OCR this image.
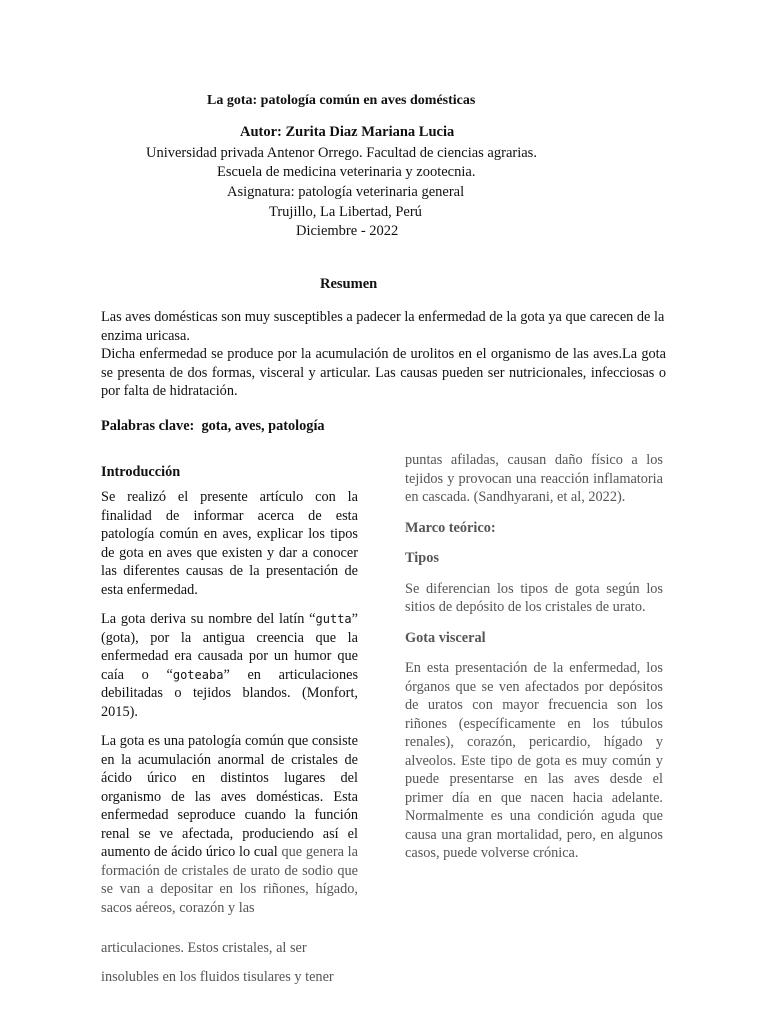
La gota: patología común en aves domésticas

Autor: Zurita Diaz Mariana Lucia

Universidad privada Antenor Orrego. Facultad de ciencias agrarias.

Escuela de medicina veterinaria y zootecnia.

Asignatura: patología veterinaria general

Trujillo, La Libertad, Perú

Diciembre - 2022

Resumen

Las aves domésticas son muy susceptibles a padecer la enfermedad de la gota ya que carecen de la enzima uricasa.

Dicha enfermedad se produce por la acumulación de urolitos en el organismo de las aves.La gota se presenta de dos formas, visceral y articular. Las causas pueden ser nutricionales, infecciosas o por falta de hidratación.

Palabras clave: gota, aves, patología

Introducción

Se realizó el presente artículo con la finalidad de informar acerca de esta patología común en aves, explicar los tipos de gota en aves que existen y dar a conocer las diferentes causas de la presentación de esta enfermedad.

La gota deriva su nombre del latín “gutta” (gota), por la antigua creencia que la enfermedad era causada por un humor que caía o “goteaba” en articulaciones debilitadas o tejidos blandos. (Monfort, 2015).

La gota es una patología común que consiste en la acumulación anormal de cristales de ácido úrico en distintos lugares del organismo de las aves domésticas. Esta enfermedad seproduce cuando la función renal se ve afectada, produciendo así el aumento de ácido úrico lo cual que genera la formación de cristales de urato de sodio que se van a depositar en los riñones, hígado, sacos aéreos, corazón y las

articulaciones. Estos cristales, al ser

insolubles en los fluidos tisulares y tener

puntas afiladas, causan daño físico a los tejidos y provocan una reacción inflamatoria en cascada. (Sandhyarani, et al, 2022).

Marco teórico:

Tipos

Se diferencian los tipos de gota según los sitios de depósito de los cristales de urato.

Gota visceral

En esta presentación de la enfermedad, los órganos que se ven afectados por depósitos de uratos con mayor frecuencia son los riñones (específicamente en los túbulos renales), corazón, pericardio, hígado y alveolos. Este tipo de gota es muy común y puede presentarse en las aves desde el primer día en que nacen hacia adelante. Normalmente es una condición aguda que causa una gran mortalidad, pero, en algunos casos, puede volverse crónica.
